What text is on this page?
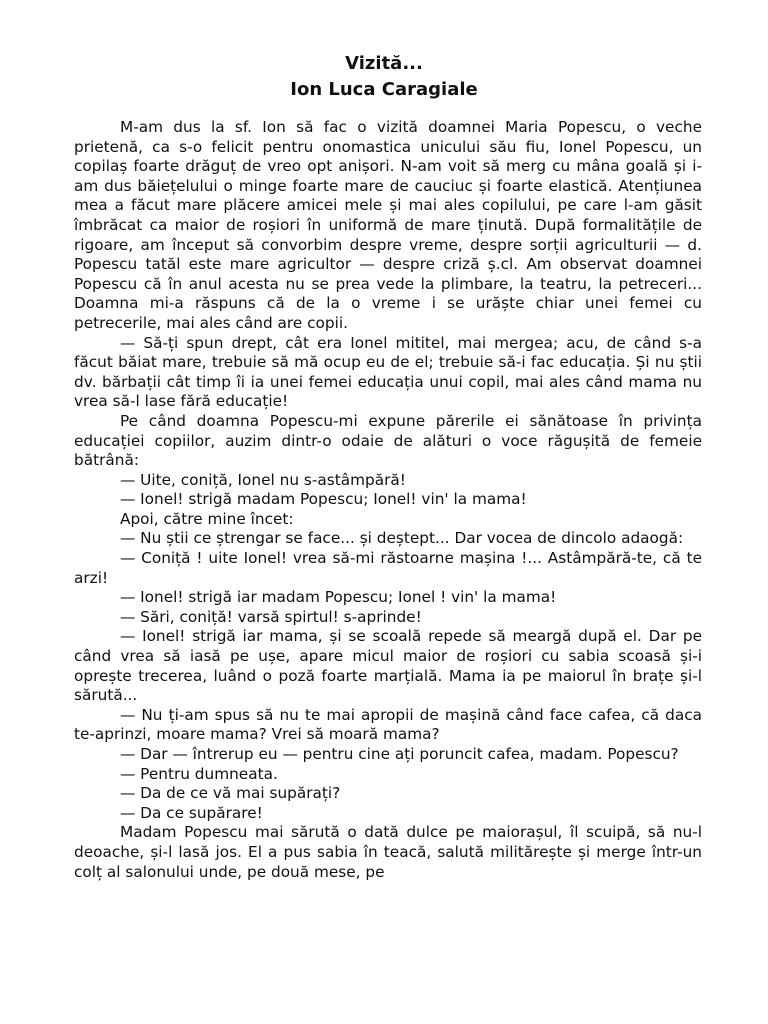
Vizită...
Ion Luca Caragiale

M-am dus la sf. Ion să fac o vizită doamnei Maria Popescu, o veche prietenă, ca s-o felicit pentru onomastica unicului său fiu, Ionel Popescu, un copilaș foarte drăguț de vreo opt anișori. N-am voit să merg cu mâna goală și i-am dus băiețelului o minge foarte mare de cauciuc și foarte elastică. Atențiunea mea a făcut mare plăcere amicei mele și mai ales copilului, pe care l-am găsit îmbrăcat ca maior de roșiori în uniformă de mare ținută. După formalitățile de rigoare, am început să convorbim despre vreme, despre sorții agriculturii — d. Popescu tatăl este mare agricultor — despre criză ș.cl. Am observat doamnei Popescu că în anul acesta nu se prea vede la plimbare, la teatru, la petreceri... Doamna mi-a răspuns că de la o vreme i se urăște chiar unei femei cu petrecerile, mai ales când are copii.

— Să-ți spun drept, cât era Ionel mititel, mai mergea; acu, de când s-a făcut băiat mare, trebuie să mă ocup eu de el; trebuie să-i fac educația. Și nu știi dv. bărbații cât timp îi ia unei femei educația unui copil, mai ales când mama nu vrea să-l lase fără educație!

Pe când doamna Popescu-mi expune părerile ei sănătoase în privința educației copiilor, auzim dintr-o odaie de alături o voce răgușită de femeie bătrână:

— Uite, coniță, Ionel nu s-astâmpără!

— Ionel! strigă madam Popescu; Ionel! vin' la mama!

Apoi, către mine încet:

— Nu știi ce ștrengar se face... și deștept... Dar vocea de dincolo adaogă:

— Coniță ! uite Ionel! vrea să-mi răstoarne mașina !... Astâmpără-te, că te arzi!

— Ionel! strigă iar madam Popescu; Ionel ! vin' la mama!

— Sări, coniță! varsă spirtul! s-aprinde!

— Ionel! strigă iar mama, și se scoală repede să meargă după el. Dar pe când vrea să iasă pe ușe, apare micul maior de roșiori cu sabia scoasă și-i oprește trecerea, luând o poză foarte marțială. Mama ia pe maiorul în brațe și-l sărută...

— Nu ți-am spus să nu te mai apropii de mașină când face cafea, că daca te-aprinzi, moare mama? Vrei să moară mama?

— Dar — întrerup eu — pentru cine ați poruncit cafea, madam. Popescu?

— Pentru dumneata.

— Da de ce vă mai supărați?

— Da ce supărare!

Madam Popescu mai sărută o dată dulce pe maiorașul, îl scuipă, să nu-l deoache, și-l lasă jos. El a pus sabia în teacă, salută militărește și merge într-un colț al salonului unde, pe două mese, pe
